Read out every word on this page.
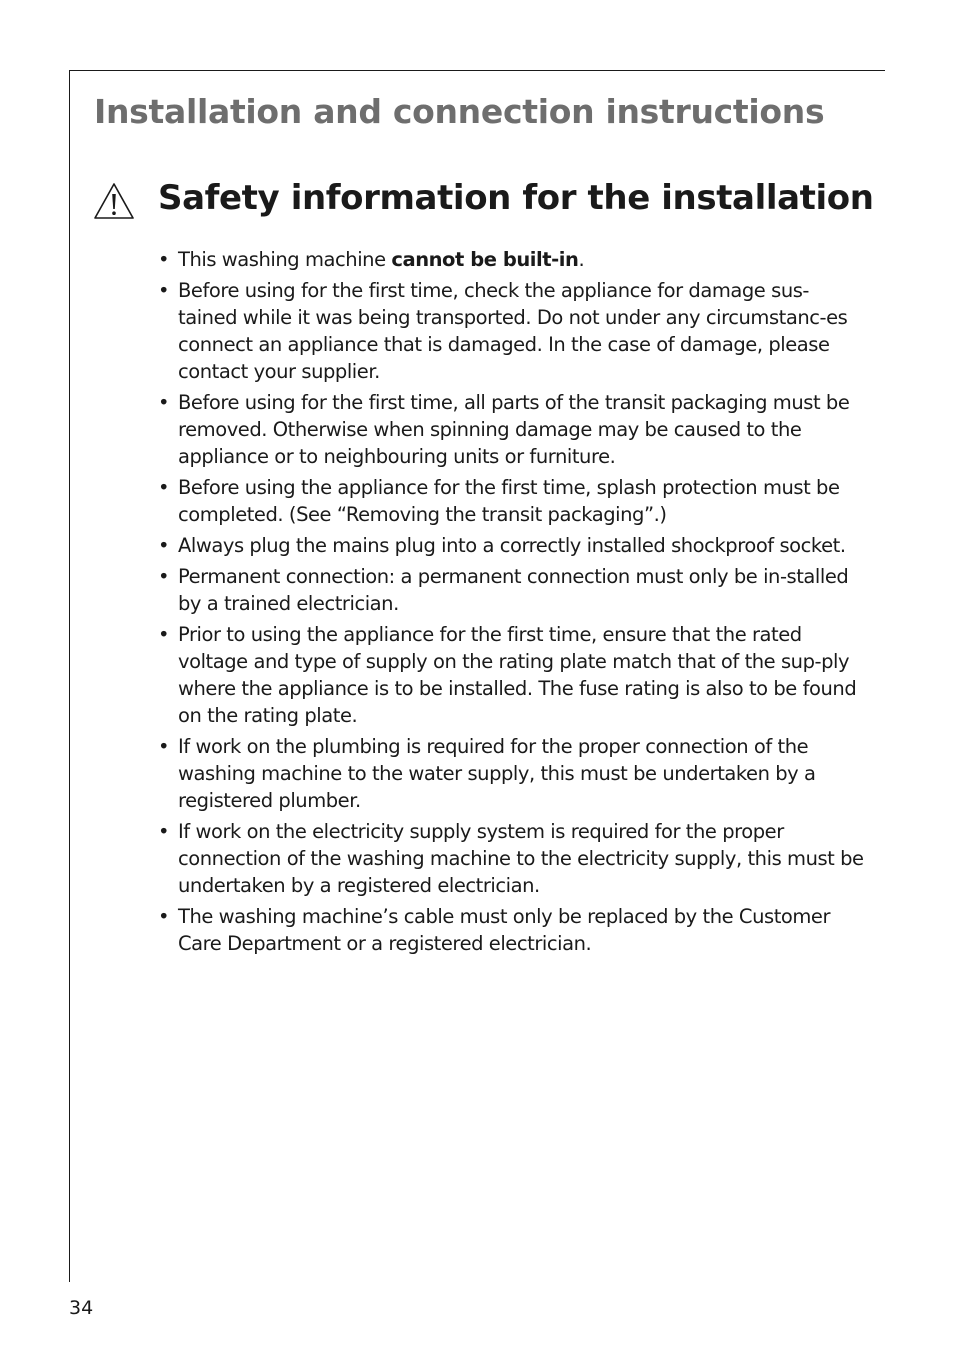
Installation and connection instructions
Safety information for the installation
• This washing machine cannot be built-in.
• Before using for the first time, check the appliance for damage sus-tained while it was being transported. Do not under any circumstanc-es connect an appliance that is damaged. In the case of damage, please contact your supplier.
• Before using for the first time, all parts of the transit packaging must be removed. Otherwise when spinning damage may be caused to the appliance or to neighbouring units or furniture.
• Before using the appliance for the first time, splash protection must be completed. (See “Removing the transit packaging”.)
• Always plug the mains plug into a correctly installed shockproof socket.
• Permanent connection: a permanent connection must only be in-stalled by a trained electrician.
• Prior to using the appliance for the first time, ensure that the rated voltage and type of supply on the rating plate match that of the sup-ply where the appliance is to be installed. The fuse rating is also to be found on the rating plate.
• If work on the plumbing is required for the proper connection of the washing machine to the water supply, this must be undertaken by a registered plumber.
• If work on the electricity supply system is required for the proper connection of the washing machine to the electricity supply, this must be undertaken by a registered electrician.
• The washing machine’s cable must only be replaced by the Customer Care Department or a registered electrician.
34
